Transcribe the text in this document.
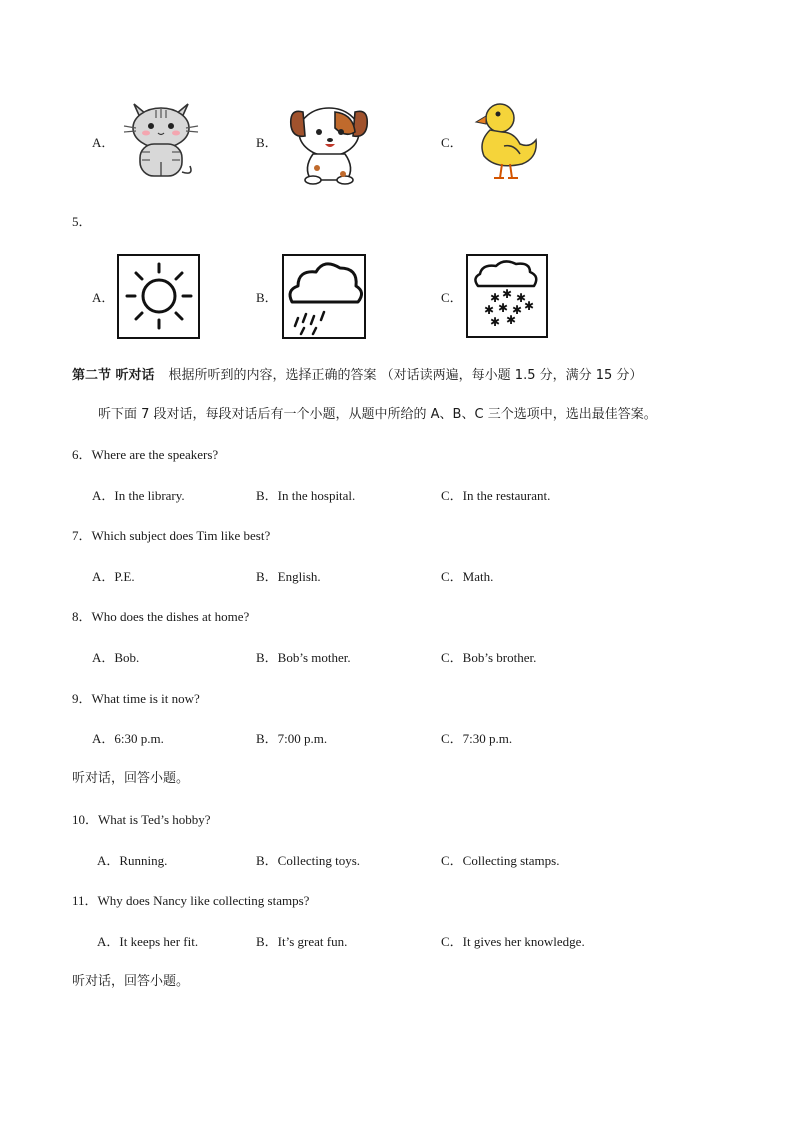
A．	B．	C．
5．
A．	B．	C． ✱ ✱ ✱
✱ ✱ ✱ ✱
✱ ✱
第二节 听对话 根据所听到的内容，选择正确的答案 （对话读两遍，每小题 1.5 分，满分 15 分）
听下面 7 段对话，每段对话后有一个小题，从题中所给的 A、B、C 三个选项中，选出最佳答案。
6．Where are the speakers?
A．In the library.	B．In the hospital.	C．In the restaurant.
7．Which subject does Tim like best?
A．P.E.	B．English.	C．Math.
8．Who does the dishes at home?
A．Bob.	B．Bob’s mother.	C．Bob’s brother.
9．What time is it now?
A．6:30 p.m.	B．7:00 p.m.	C．7:30 p.m.
听对话，回答小题。
10．What is Ted’s hobby?
A．Running.	B．Collecting toys.	C．Collecting stamps.
11．Why does Nancy like collecting stamps?
A．It keeps her fit.	B．It’s great fun.	C．It gives her knowledge.
听对话，回答小题。
